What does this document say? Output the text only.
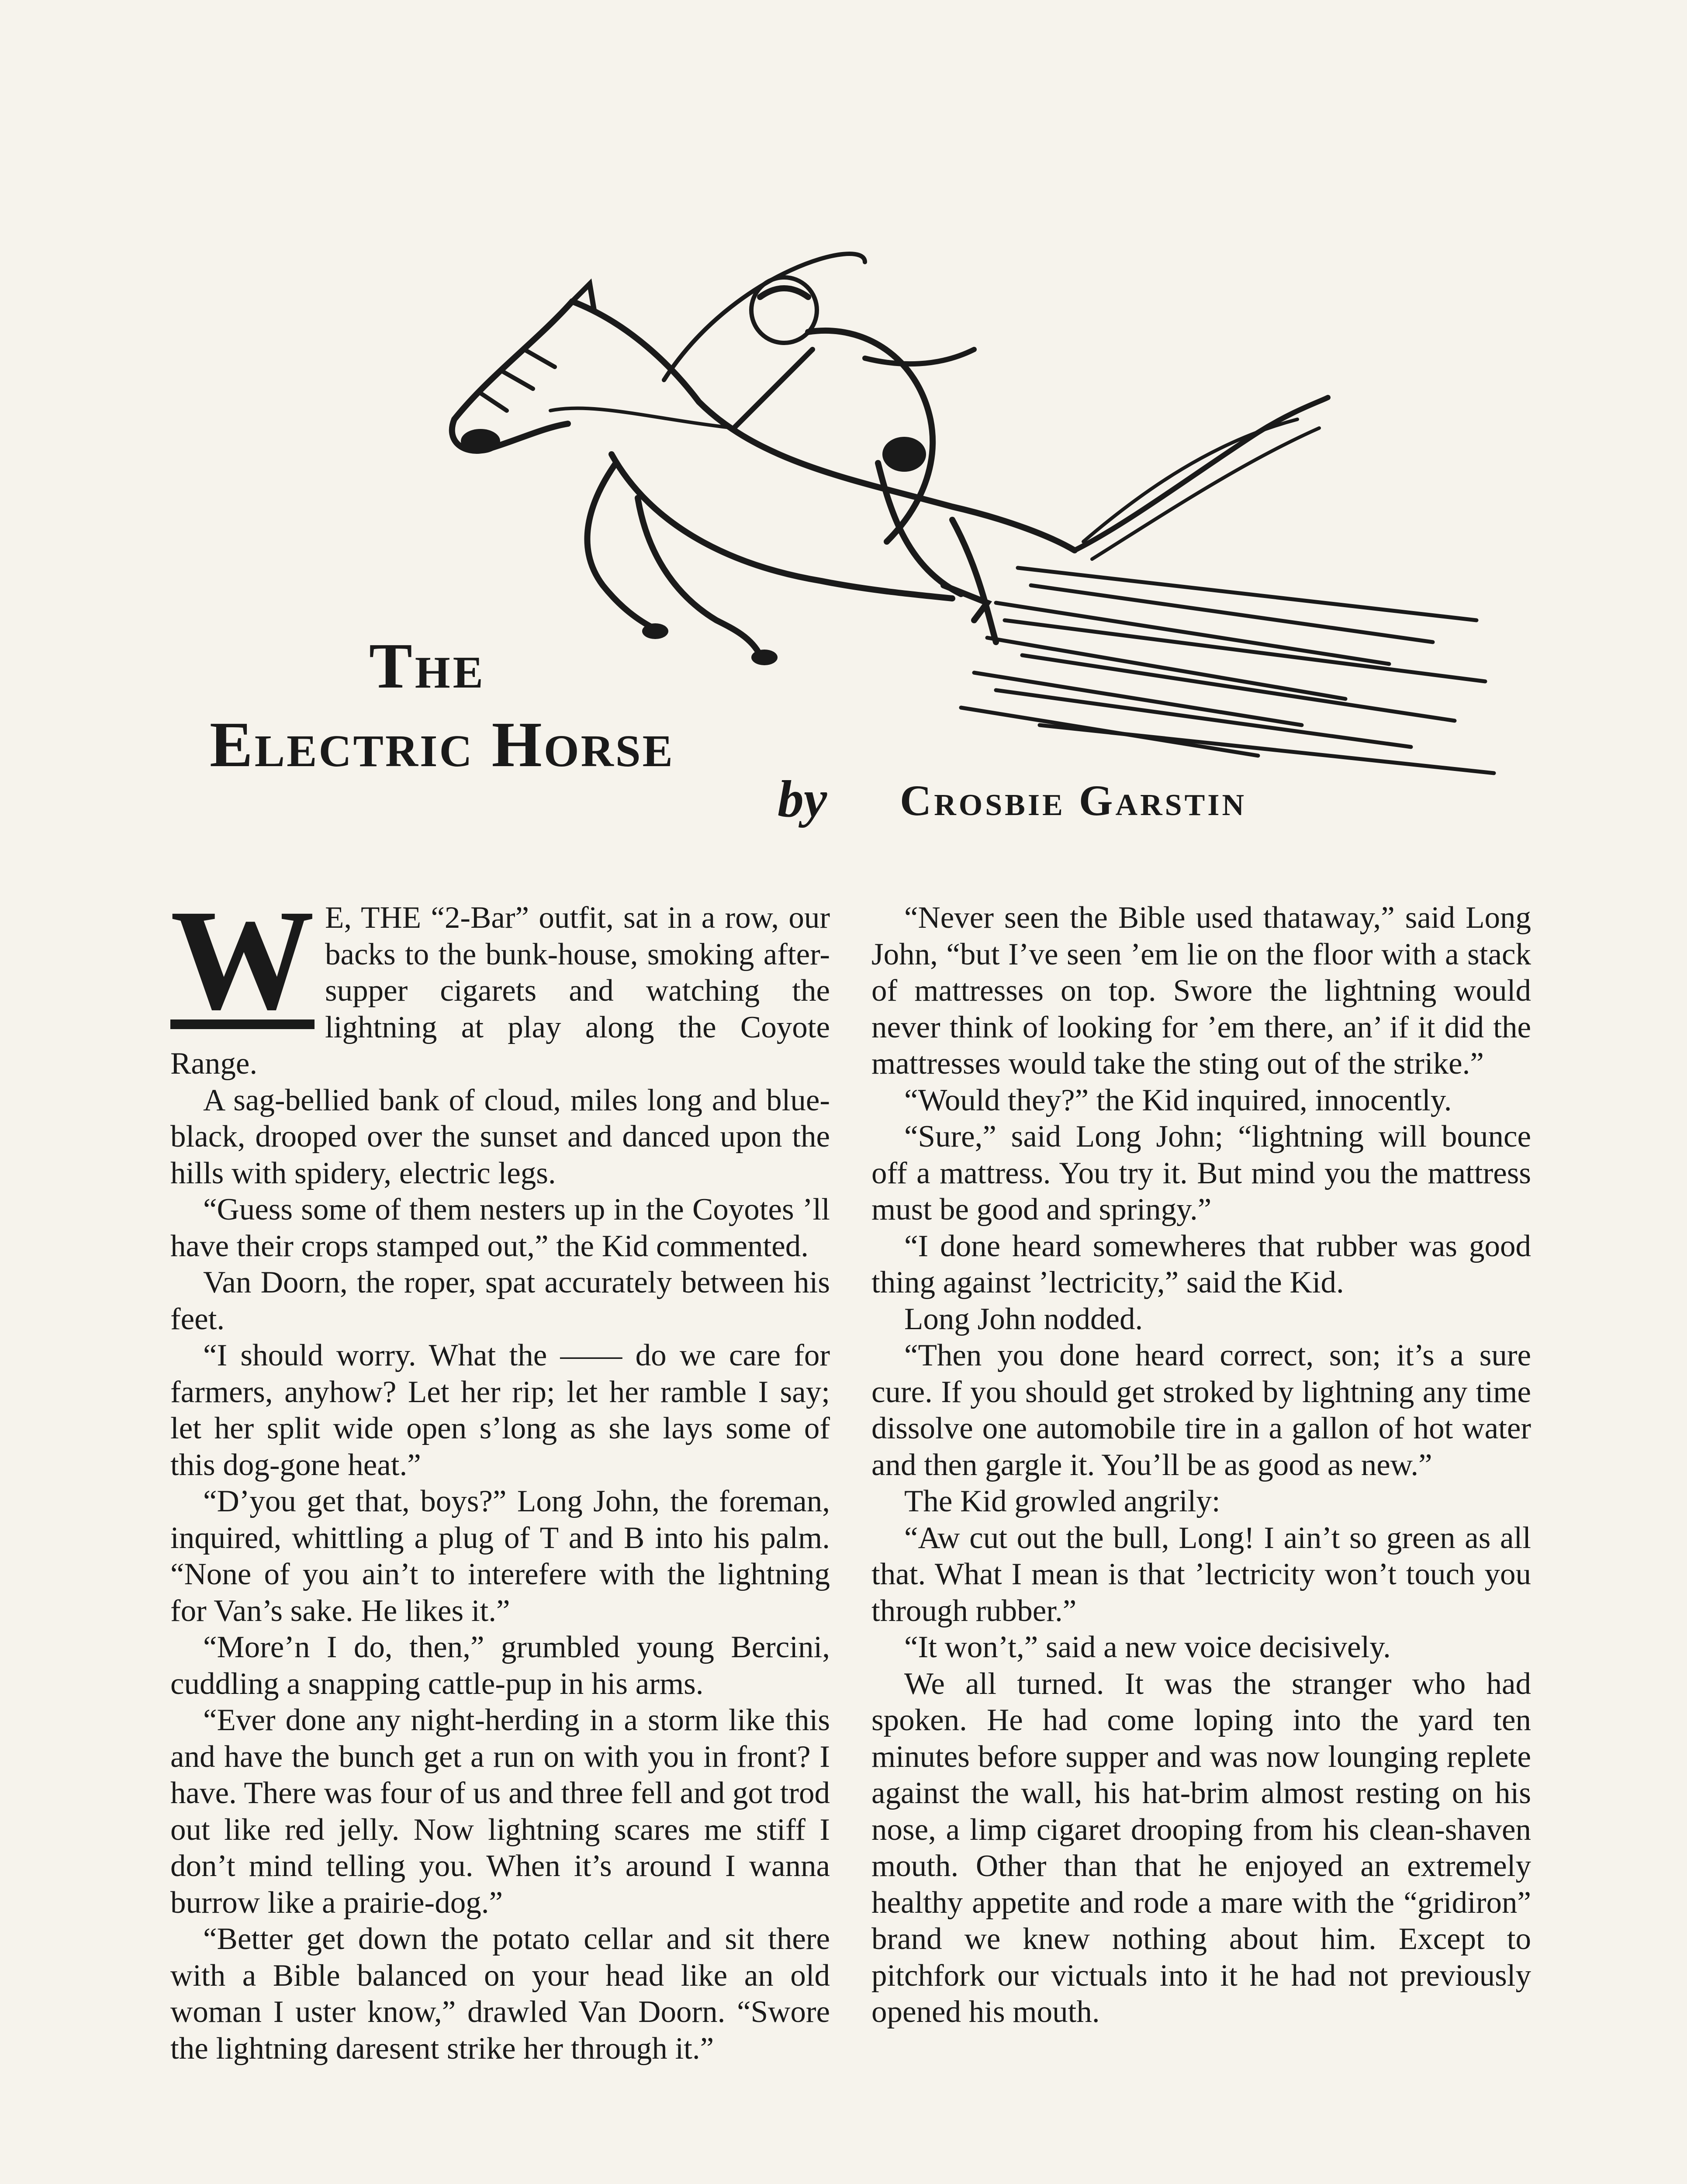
The
Electric Horse
by Crosbie Garstin

W E, THE “2-Bar” outfit, sat in a row, our backs to the bunk-house, smoking after-supper cigarets and watching the lightning at play along the Coyote Range.

A sag-bellied bank of cloud, miles long and blue-black, drooped over the sunset and danced upon the hills with spidery, electric legs.

“Guess some of them nesters up in the Coyotes ’ll have their crops stamped out,” the Kid commented.

Van Doorn, the roper, spat accurately between his feet.

“I should worry. What the —— do we care for farmers, anyhow? Let her rip; let her ramble I say; let her split wide open s’long as she lays some of this dog-gone heat.”

“D’you get that, boys?” Long John, the foreman, inquired, whittling a plug of T and B into his palm. “None of you ain’t to interefere with the lightning for Van’s sake. He likes it.”

“More’n I do, then,” grumbled young Bercini, cuddling a snapping cattle-pup in his arms.

“Ever done any night-herding in a storm like this and have the bunch get a run on with you in front? I have. There was four of us and three fell and got trod out like red jelly. Now lightning scares me stiff I don’t mind telling you. When it’s around I wanna burrow like a prairie-dog.”

“Better get down the potato cellar and sit there with a Bible balanced on your head like an old woman I uster know,” drawled Van Doorn. “Swore the lightning daresent strike her through it.”

“Never seen the Bible used thataway,” said Long John, “but I’ve seen ’em lie on the floor with a stack of mattresses on top. Swore the lightning would never think of looking for ’em there, an’ if it did the mattresses would take the sting out of the strike.”

“Would they?” the Kid inquired, innocently.

“Sure,” said Long John; “lightning will bounce off a mattress. You try it. But mind you the mattress must be good and springy.”

“I done heard somewheres that rubber was good thing against ’lectricity,” said the Kid.

Long John nodded.

“Then you done heard correct, son; it’s a sure cure. If you should get stroked by lightning any time dissolve one automobile tire in a gallon of hot water and then gargle it. You’ll be as good as new.”

The Kid growled angrily:

“Aw cut out the bull, Long! I ain’t so green as all that. What I mean is that ’lectricity won’t touch you through rubber.”

“It won’t,” said a new voice decisively.

We all turned. It was the stranger who had spoken. He had come loping into the yard ten minutes before supper and was now lounging replete against the wall, his hat-brim almost resting on his nose, a limp cigaret drooping from his clean-shaven mouth. Other than that he enjoyed an extremely healthy appetite and rode a mare with the “gridiron” brand we knew nothing about him. Except to pitchfork our victuals into it he had not previously opened his mouth.
